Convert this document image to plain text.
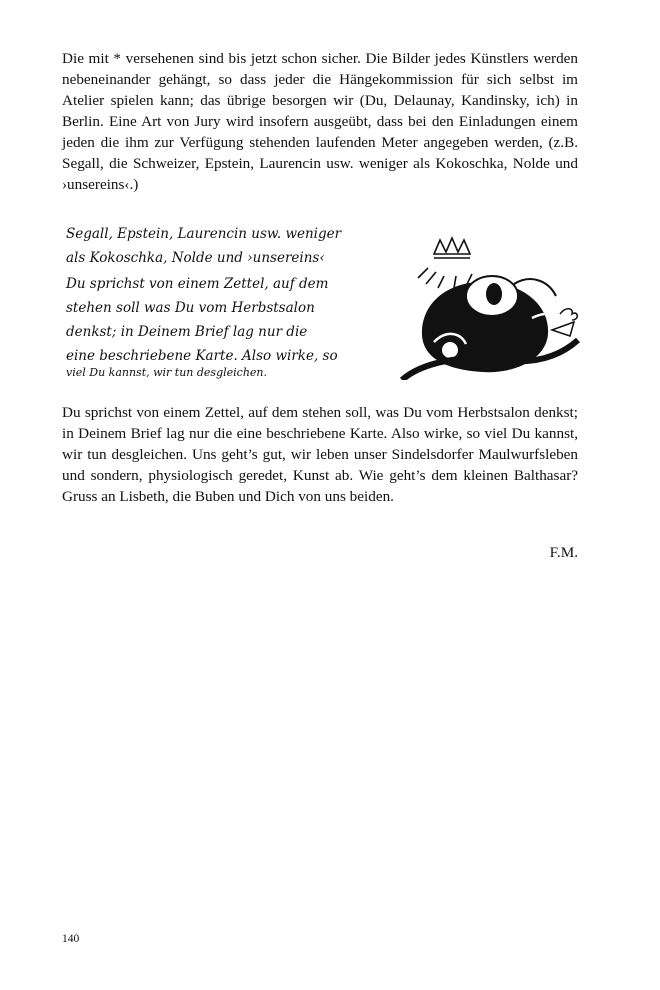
Die mit * versehenen sind bis jetzt schon sicher. Die Bilder jedes Künstlers werden nebeneinander gehängt, so dass jeder die Hängekommission für sich selbst im Atelier spielen kann; das übrige besorgen wir (Du, Delaunay, Kandinsky, ich) in Berlin. Eine Art von Jury wird insofern ausgeübt, dass bei den Einladungen einem jeden die ihm zur Verfügung stehenden laufenden Meter angegeben werden, (z.B. Segall, die Schweizer, Epstein, Laurencin usw. weniger als Kokoschka, Nolde und ›unsereins‹.)

Segall, Epstein, Laurencin usw. weniger
als Kokoschka, Nolde und ›unsereins‹
Du sprichst von einem Zettel, auf dem
stehen soll was Du vom Herbstsalon
denkst; in Deinem Brief lag nur die
eine beschriebene Karte. Also wirke, so
viel Du kannst, wir tun desgleichen.

Du sprichst von einem Zettel, auf dem stehen soll, was Du vom Herbstsalon denkst; in Deinem Brief lag nur die eine beschriebene Karte. Also wirke, so viel Du kannst, wir tun desgleichen. Uns geht’s gut, wir leben unser Sindelsdorfer Maulwurfsleben und sondern, physiologisch geredet, Kunst ab. Wie geht’s dem kleinen Balthasar? Gruss an Lisbeth, die Buben und Dich von uns beiden.

F.M.

140
